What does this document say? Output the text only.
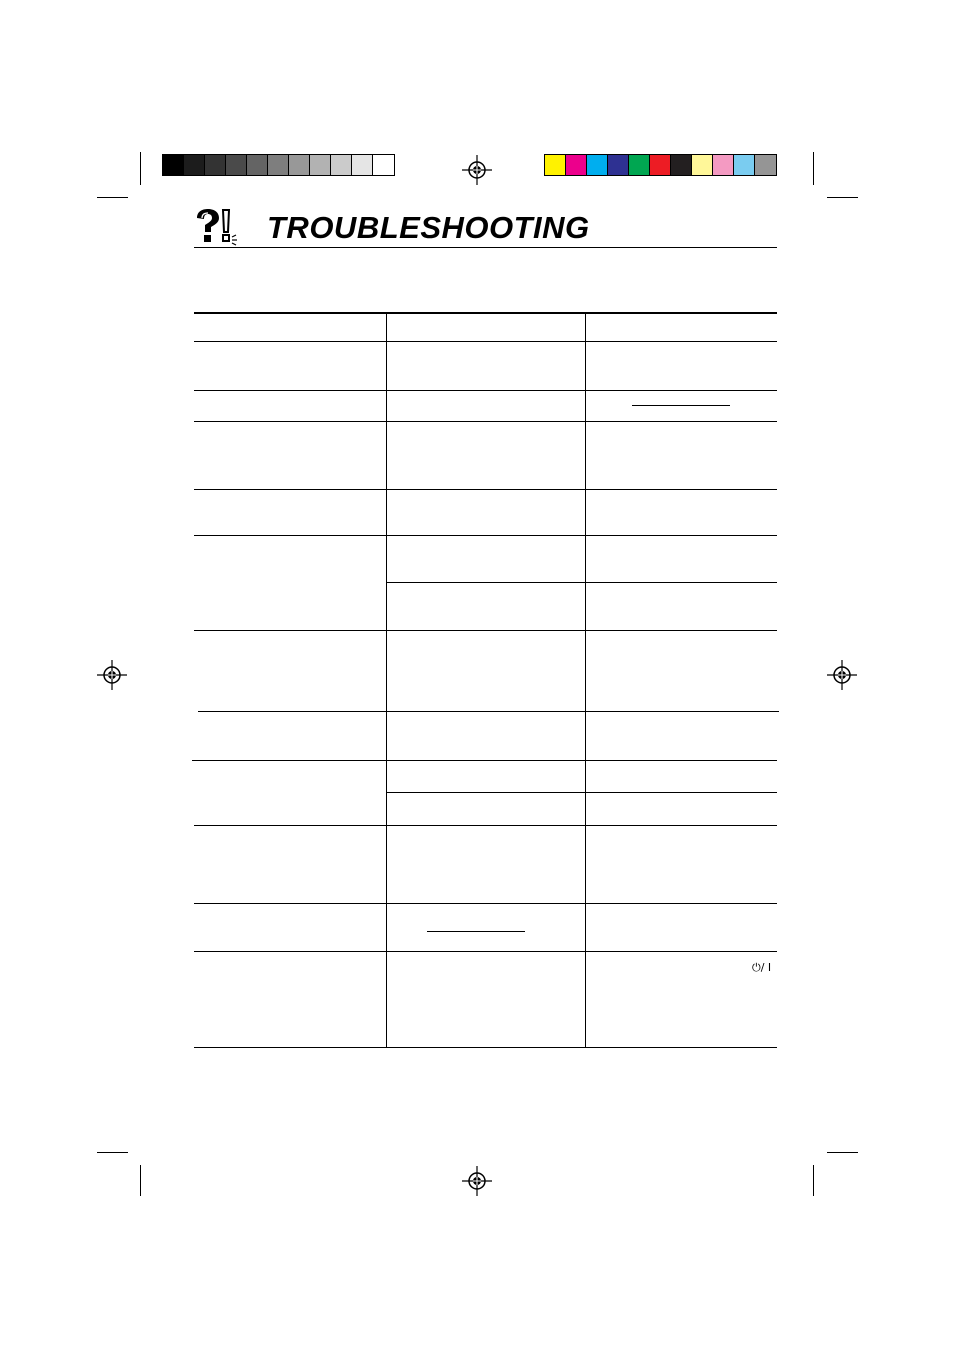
TROUBLESHOOTING
⏻/ I
